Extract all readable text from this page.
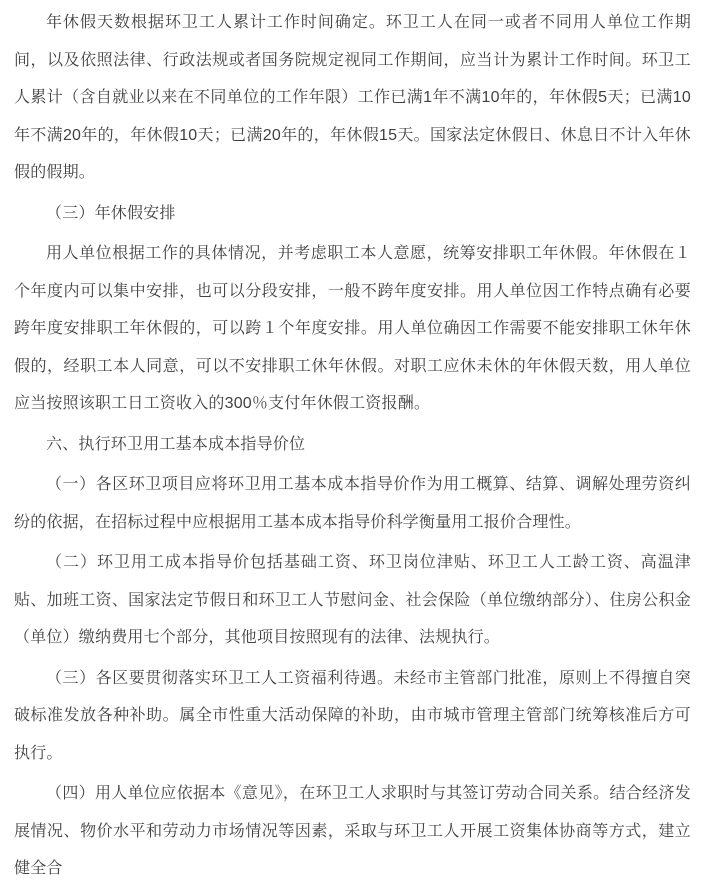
年休假天数根据环卫工人累计工作时间确定。环卫工人在同一或者不同用人单位工作期间，以及依照法律、行政法规或者国务院规定视同工作期间，应当计为累计工作时间。环卫工人累计（含自就业以来在不同单位的工作年限）工作已满1年不满10年的，年休假5天；已满10年不满20年的，年休假10天；已满20年的，年休假15天。国家法定休假日、休息日不计入年休假的假期。

（三）年休假安排

用人单位根据工作的具体情况，并考虑职工本人意愿，统筹安排职工年休假。年休假在１个年度内可以集中安排，也可以分段安排，一般不跨年度安排。用人单位因工作特点确有必要跨年度安排职工年休假的，可以跨１个年度安排。用人单位确因工作需要不能安排职工休年休假的，经职工本人同意，可以不安排职工休年休假。对职工应休未休的年休假天数，用人单位应当按照该职工日工资收入的300％支付年休假工资报酬。

六、执行环卫用工基本成本指导价位

（一）各区环卫项目应将环卫用工基本成本指导价作为用工概算、结算、调解处理劳资纠纷的依据，在招标过程中应根据用工基本成本指导价科学衡量用工报价合理性。

（二）环卫用工成本指导价包括基础工资、环卫岗位津贴、环卫工人工龄工资、高温津贴、加班工资、国家法定节假日和环卫工人节慰问金、社会保险（单位缴纳部分）、住房公积金（单位）缴纳费用七个部分，其他项目按照现有的法律、法规执行。

（三）各区要贯彻落实环卫工人工资福利待遇。未经市主管部门批准，原则上不得擅自突破标准发放各种补助。属全市性重大活动保障的补助，由市城市管理主管部门统筹核准后方可执行。

（四）用人单位应依据本《意见》，在环卫工人求职时与其签订劳动合同关系。结合经济发展情况、物价水平和劳动力市场情况等因素，采取与环卫工人开展工资集体协商等方式，建立健全合
